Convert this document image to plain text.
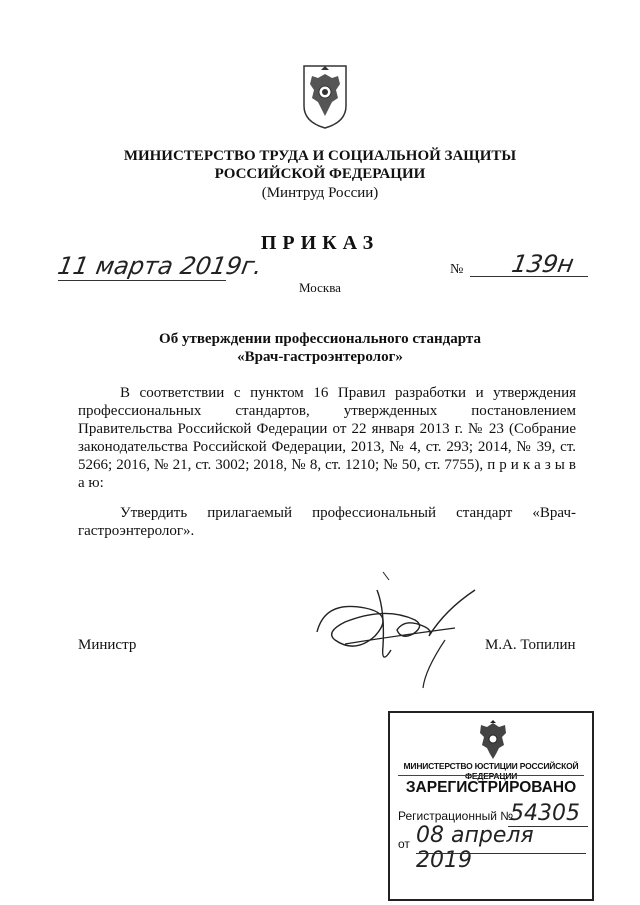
МИНИСТЕРСТВО ТРУДА И СОЦИАЛЬНОЙ ЗАЩИТЫ
РОССИЙСКОЙ ФЕДЕРАЦИИ
(Минтруд России)
ПРИКАЗ
11 марта 2019г.	№ 139н
Москва
Об утверждении профессионального стандарта
«Врач-гастроэнтеролог»
В соответствии с пунктом 16 Правил разработки и утверждения профессиональных стандартов, утвержденных постановлением Правительства Российской Федерации от 22 января 2013 г. № 23 (Собрание законодательства Российской Федерации, 2013, № 4, ст. 293; 2014, № 39, ст. 5266; 2016, № 21, ст. 3002; 2018, № 8, ст. 1210; № 50, ст. 7755), п р и к а з ы в а ю:
Утвердить прилагаемый профессиональный стандарт «Врач-гастроэнтеролог».
Министр	М.А. Топилин
МИНИСТЕРСТВО ЮСТИЦИИ РОССИЙСКОЙ ФЕДЕРАЦИИ
ЗАРЕГИСТРИРОВАНО
Регистрационный №
54305
от 08 апреля 2019
